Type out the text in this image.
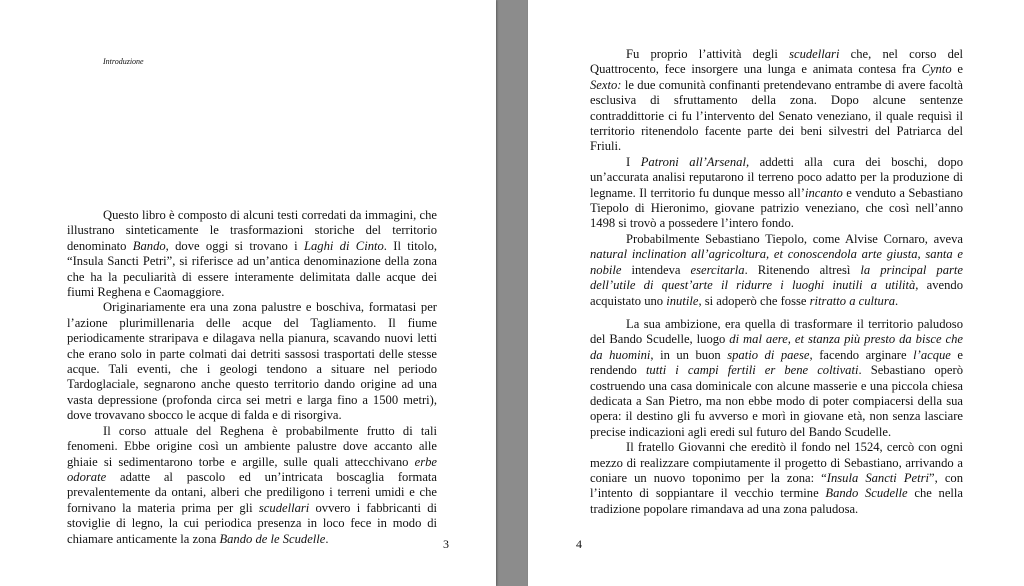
Introduzione

Questo libro è composto di alcuni testi corredati da immagini, che illustrano sinteticamente le trasformazioni storiche del territorio denominato Bando, dove oggi si trovano i Laghi di Cinto. Il titolo, “Insula Sancti Petri”, si riferisce ad un’antica denominazione della zona che ha la peculiarità di essere interamente delimitata dalle acque dei fiumi Reghena e Caomaggiore.

Originariamente era una zona palustre e boschiva, formatasi per l’azione plurimillenaria delle acque del Tagliamento. Il fiume periodicamente straripava e dilagava nella pianura, scavando nuovi letti che erano solo in parte colmati dai detriti sassosi trasportati delle stesse acque. Tali eventi, che i geologi tendono a situare nel periodo Tardoglaciale, segnarono anche questo territorio dando origine ad una vasta depressione (profonda circa sei metri e larga fino a 1500 metri), dove trovavano sbocco le acque di falda e di risorgiva.

Il corso attuale del Reghena è probabilmente frutto di tali fenomeni. Ebbe origine così un ambiente palustre dove accanto alle ghiaie si sedimentarono torbe e argille, sulle quali attecchivano erbe odorate adatte al pascolo ed un’intricata boscaglia formata prevalentemente da ontani, alberi che prediligono i terreni umidi e che fornivano la materia prima per gli scudellari ovvero i fabbricanti di stoviglie di legno, la cui periodica presenza in loco fece in modo di chiamare anticamente la zona Bando de le Scudelle.	3

Fu proprio l’attività degli scudellari che, nel corso del Quattrocento, fece insorgere una lunga e animata contesa fra Cynto e Sexto: le due comunità confinanti pretendevano entrambe di avere facoltà esclusiva di sfruttamento della zona. Dopo alcune sentenze contraddittorie ci fu l’intervento del Senato veneziano, il quale requisì il territorio ritenendolo facente parte dei beni silvestri del Patriarca del Friuli.

I Patroni all’Arsenal, addetti alla cura dei boschi, dopo un’accurata analisi reputarono il terreno poco adatto per la produzione di legname. Il territorio fu dunque messo all’incanto e venduto a Sebastiano Tiepolo di Hieronimo, giovane patrizio veneziano, che così nell’anno 1498 si trovò a possedere l’intero fondo.

Probabilmente Sebastiano Tiepolo, come Alvise Cornaro, aveva natural inclination all’agricoltura, et conoscendola arte giusta, santa e nobile intendeva esercitarla. Ritenendo altresì la principal parte dell’utile di quest’arte il ridurre i luoghi inutili a utilità, avendo acquistato uno inutile, si adoperò che fosse ritratto a cultura.

La sua ambizione, era quella di trasformare il territorio paludoso del Bando Scudelle, luogo di mal aere, et stanza più presto da bisce che da huomini, in un buon spatio di paese, facendo arginare l’acque e rendendo tutti i campi fertili er bene coltivati. Sebastiano operò costruendo una casa dominicale con alcune masserie e una piccola chiesa dedicata a San Pietro, ma non ebbe modo di poter compiacersi della sua opera: il destino gli fu avverso e morì in giovane età, non senza lasciare precise indicazioni agli eredi sul futuro del Bando Scudelle.

Il fratello Giovanni che ereditò il fondo nel 1524, cercò con ogni mezzo di realizzare compiutamente il progetto di Sebastiano, arrivando a coniare un nuovo toponimo per la zona: “Insula Sancti Petri”, con l’intento di soppiantare il vecchio termine Bando Scudelle che nella tradizione popolare rimandava ad una zona paludosa.

4
